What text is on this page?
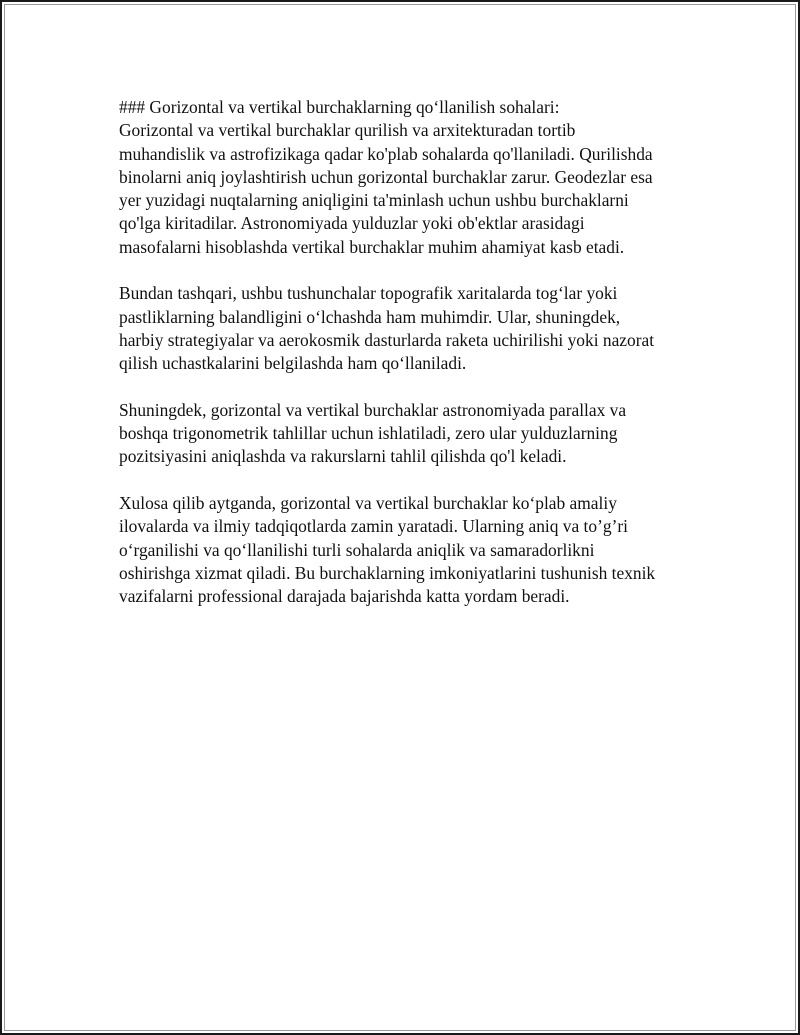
### Gorizontal va vertikal burchaklarning qo‘llanilish sohalari:

Gorizontal va vertikal burchaklar qurilish va arxitekturadan tortib
muhandislik va astrofizikaga qadar ko'plab sohalarda qo'llaniladi. Qurilishda
binolarni aniq joylashtirish uchun gorizontal burchaklar zarur. Geodezlar esa
yer yuzidagi nuqtalarning aniqligini ta'minlash uchun ushbu burchaklarni
qo'lga kiritadilar. Astronomiyada yulduzlar yoki ob'ektlar arasidagi
masofalarni hisoblashda vertikal burchaklar muhim ahamiyat kasb etadi.

Bundan tashqari, ushbu tushunchalar topografik xaritalarda tog‘lar yoki
pastliklarning balandligini o‘lchashda ham muhimdir. Ular, shuningdek,
harbiy strategiyalar va aerokosmik dasturlarda raketa uchirilishi yoki nazorat
qilish uchastkalarini belgilashda ham qo‘llaniladi.

Shuningdek, gorizontal va vertikal burchaklar astronomiyada parallax va
boshqa trigonometrik tahlillar uchun ishlatiladi, zero ular yulduzlarning
pozitsiyasini aniqlashda va rakurslarni tahlil qilishda qo'l keladi.

Xulosa qilib aytganda, gorizontal va vertikal burchaklar ko‘plab amaliy
ilovalarda va ilmiy tadqiqotlarda zamin yaratadi. Ularning aniq va to’g’ri
o‘rganilishi va qo‘llanilishi turli sohalarda aniqlik va samaradorlikni
oshirishga xizmat qiladi. Bu burchaklarning imkoniyatlarini tushunish texnik
vazifalarni professional darajada bajarishda katta yordam beradi.
